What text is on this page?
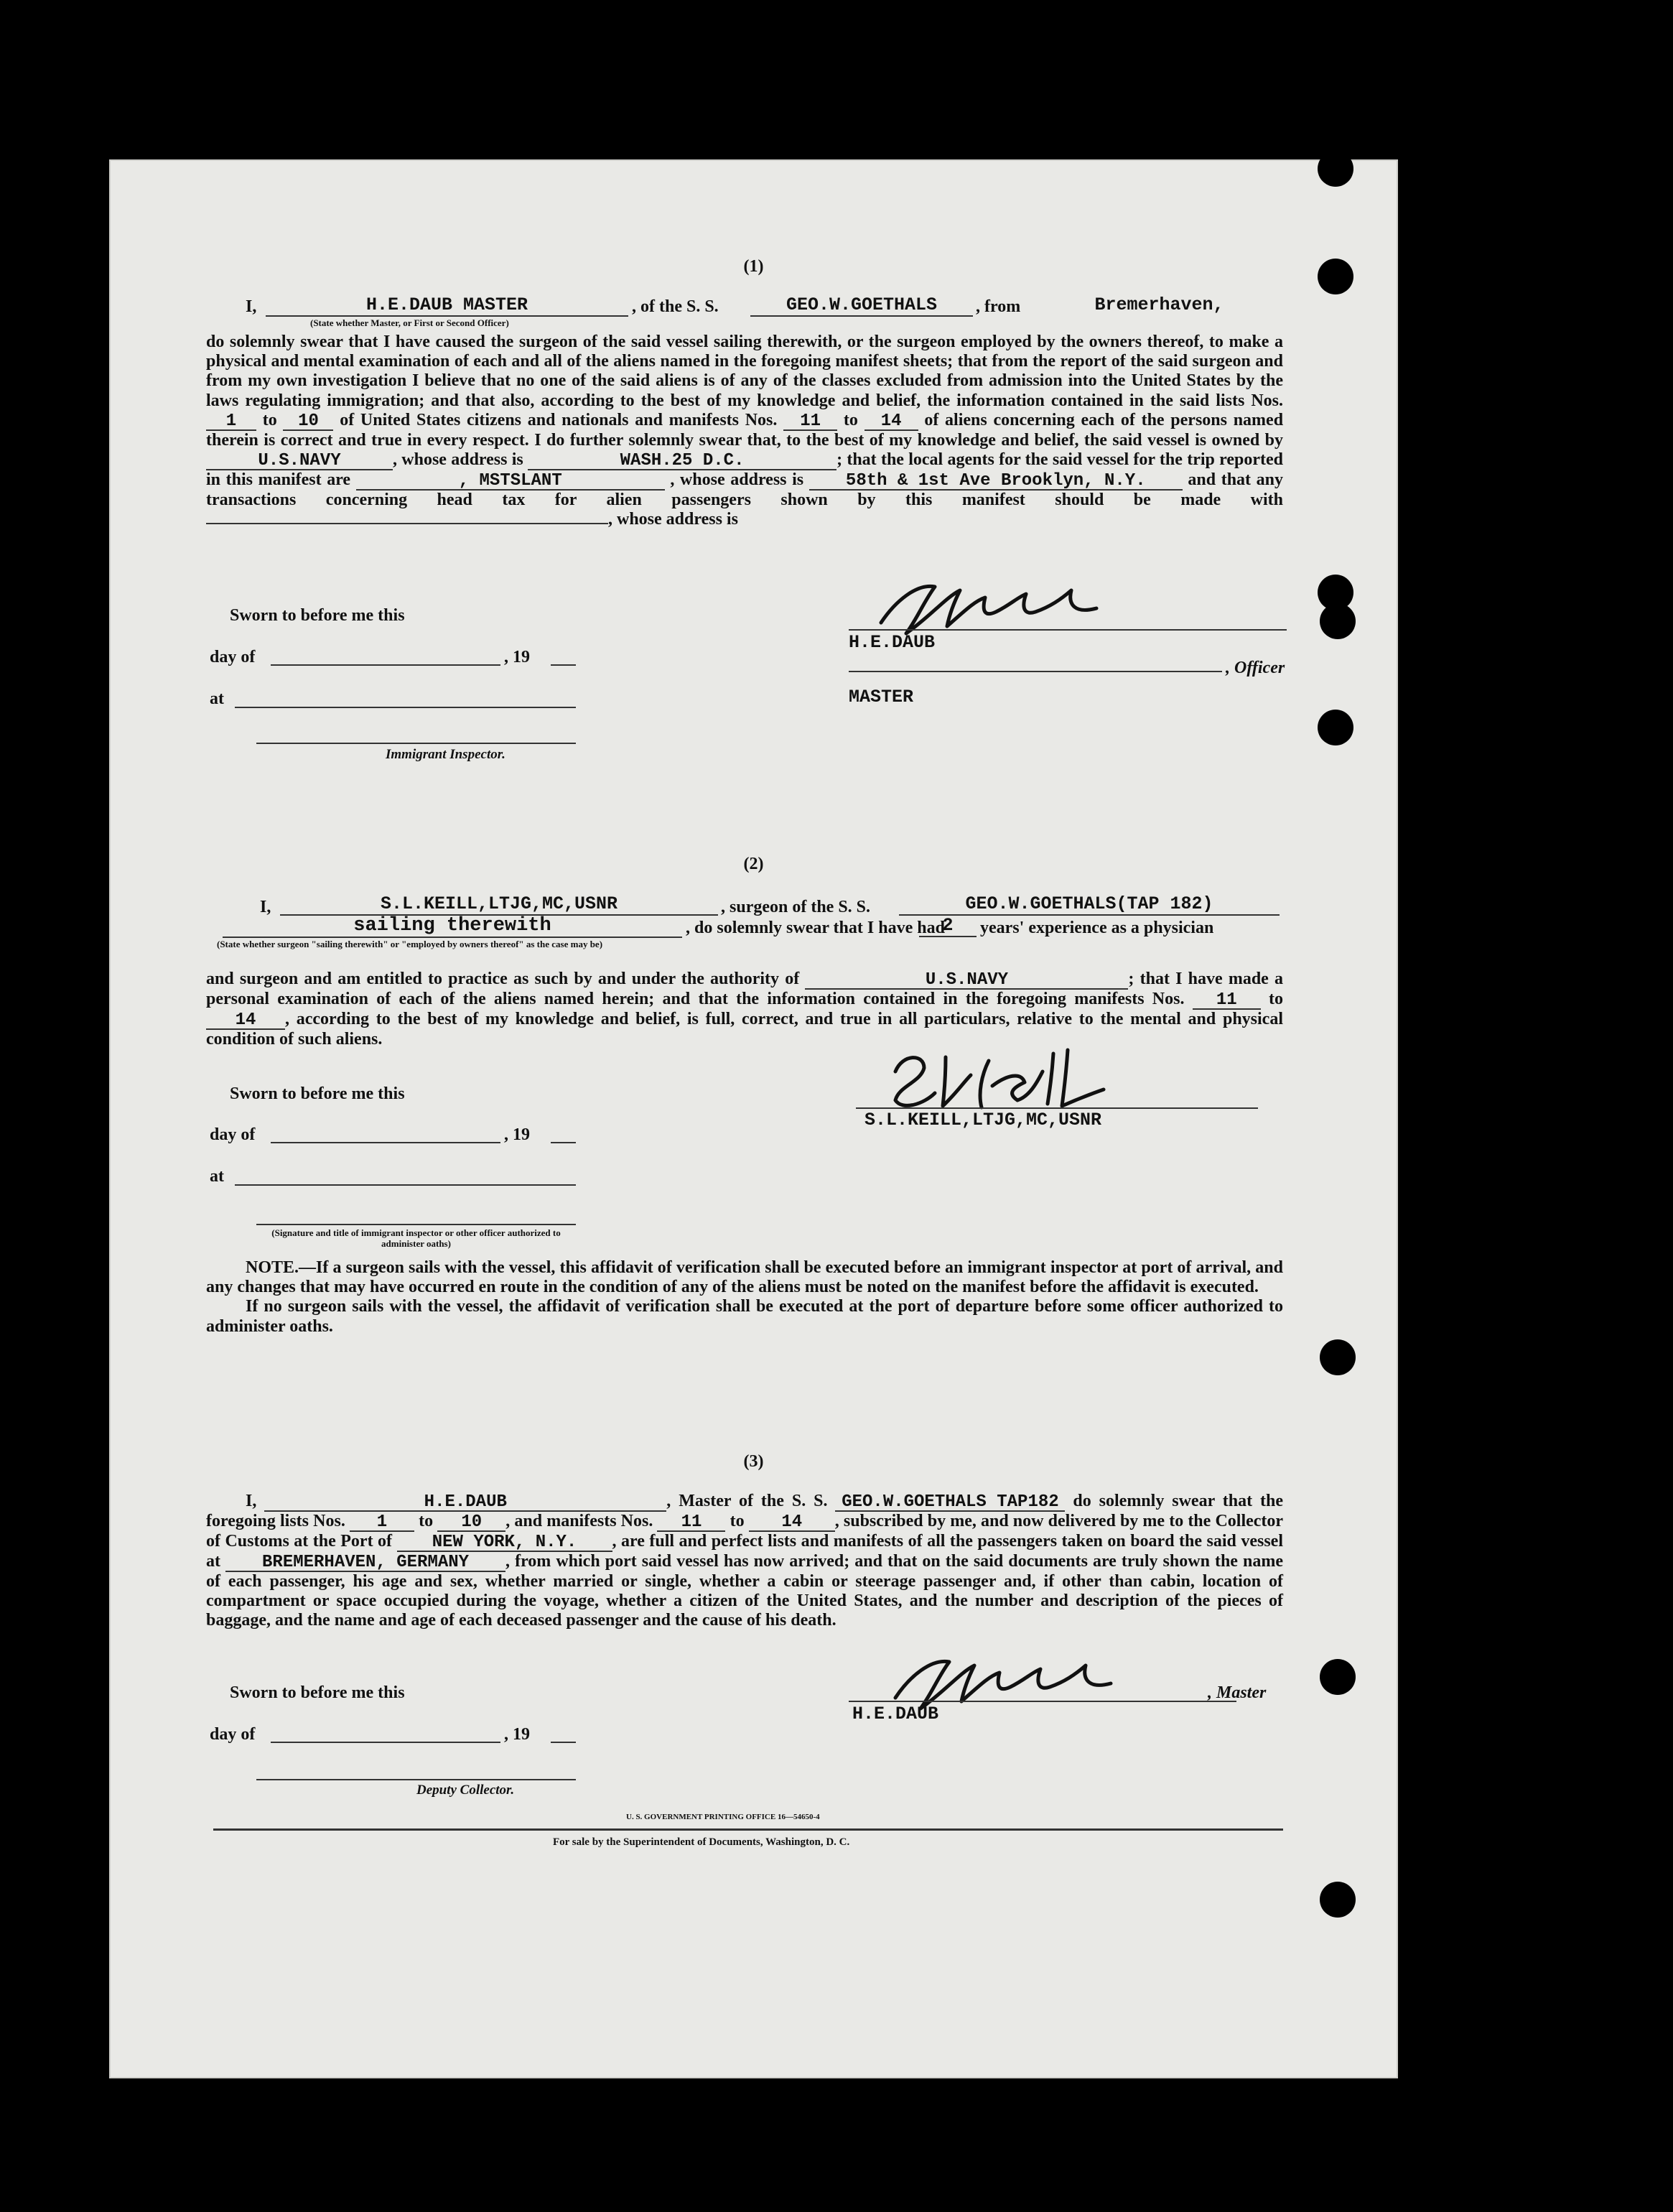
(1)
I,	H.E.DAUB MASTER
(State whether Master, or First or Second Officer)
, of the S. S.	GEO.W.GOETHALS	, from	Bremerhaven,

do solemnly swear that I have caused the surgeon of the said vessel sailing therewith, or the surgeon employed by the owners thereof, to make a physical and mental examination of each and all of the aliens named in the foregoing manifest sheets; that from the report of the said surgeon and from my own investigation I believe that no one of the said aliens is of any of the classes excluded from admission into the United States by the laws regulating immigration; and that also, according to the best of my knowledge and belief, the information contained in the said lists Nos. 1 to 10 of United States citizens and nationals and manifests Nos. 11 to 14 of aliens concerning each of the persons named therein is correct and true in every respect. I do further solemnly swear that, to the best of my knowledge and belief, the said vessel is owned by U.S.NAVY	, whose address is	WASH.25 D.C.	; that the local agents for the said vessel for the trip reported in this manifest are	, MSTSLANT	, whose address is 58th & 1st Ave Brooklyn, N.Y. and that any transactions concerning head tax for alien passengers shown by this manifest should be made with , whose address is

Sworn to before me this
day of	, 19
at
Immigrant Inspector.
H.E.DAUB
, Officer
MASTER
(2)
I,	S.L.KEILL,LTJG,MC,USNR	, surgeon of the S. S.	GEO.W.GOETHALS(TAP 182)
sailing therewith	, do solemnly swear that I have had
2	years' experience as a physician
(State whether surgeon "sailing therewith" or "employed by owners thereof" as the case may be)

and surgeon and am entitled to practice as such by and under the authority of	U.S.NAVY	; that I have made a personal examination of each of the aliens named herein; and that the information contained in the foregoing manifests Nos. 11 to 14 , according to the best of my knowledge and belief, is full, correct, and true in all particulars, relative to the mental and physical condition of such aliens.

Sworn to before me this
day of	, 19
at
(Signature and title of immigrant inspector or other officer authorized to administer oaths)
S.L.KEILL,LTJG,MC,USNR

NOTE.—If a surgeon sails with the vessel, this affidavit of verification shall be executed before an immigrant inspector at port of arrival, and any changes that may have occurred en route in the condition of any of the aliens must be noted on the manifest before the affidavit is executed.

If no surgeon sails with the vessel, the affidavit of verification shall be executed at the port of departure before some officer authorized to administer oaths.

(3)

I,	H.E.DAUB	, Master of the S. S. GEO.W.GOETHALS TAP182 do solemnly swear that the foregoing lists Nos. 1 to 10 , and manifests Nos. 11 to 14 , subscribed by me, and now delivered by me to the Collector of Customs at the Port of NEW YORK, N.Y. , are full and perfect lists and manifests of all the passengers taken on board the said vessel at BREMERHAVEN, GERMANY , from which port said vessel has now arrived; and that on the said documents are truly shown the name of each passenger, his age and sex, whether married or single, whether a cabin or steerage passenger and, if other than cabin, location of compartment or space occupied during the voyage, whether a citizen of the United States, and the number and description of the pieces of baggage, and the name and age of each deceased passenger and the cause of his death.

Sworn to before me this	, Master
H.E.DAUB
day of	, 19
Deputy Collector.
U. S. GOVERNMENT PRINTING OFFICE 16—54650-4
For sale by the Superintendent of Documents, Washington, D. C.
